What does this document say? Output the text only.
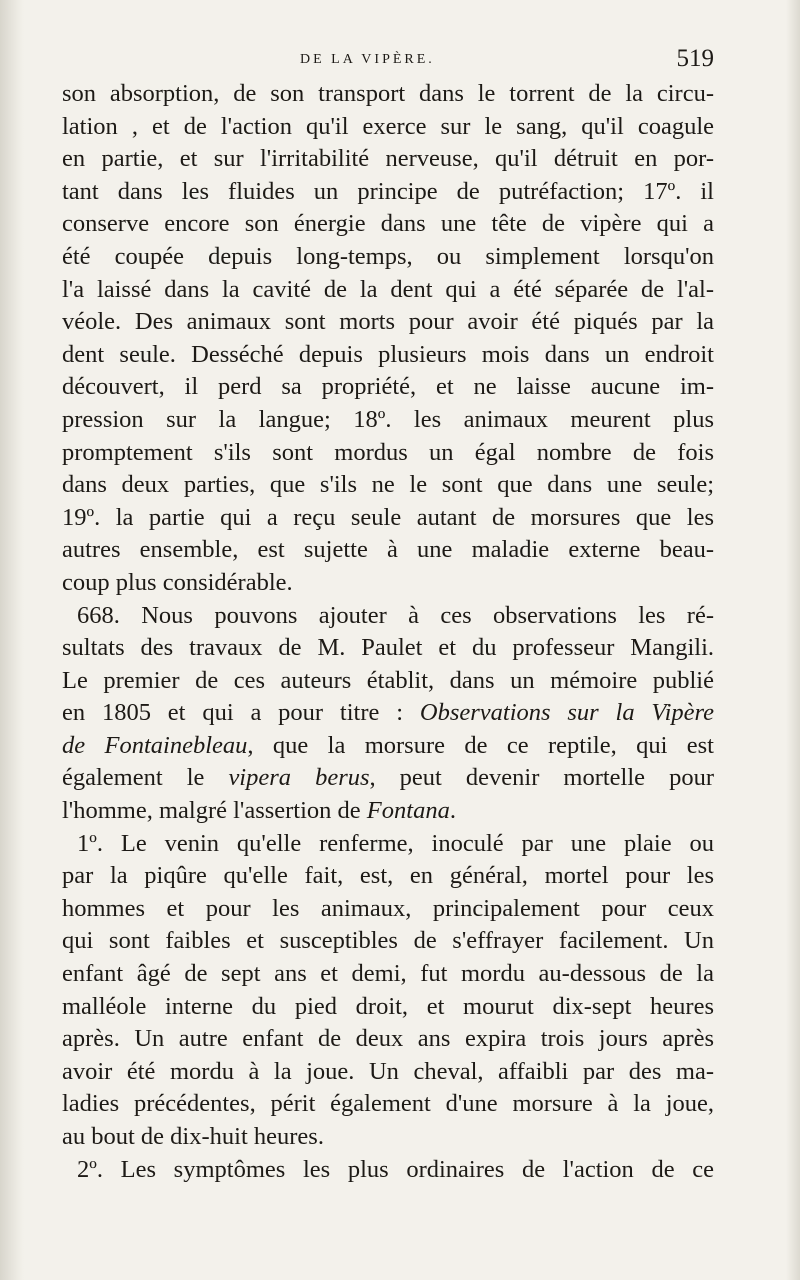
DE LA VIPÈRE.	519
son absorption, de son transport dans le torrent de la circu-
lation , et de l'action qu'il exerce sur le sang, qu'il coagule
en partie, et sur l'irritabilité nerveuse, qu'il détruit en por-
tant dans les fluides un principe de putréfaction; 17º. il
conserve encore son énergie dans une tête de vipère qui a
été coupée depuis long-temps, ou simplement lorsqu'on
l'a laissé dans la cavité de la dent qui a été séparée de l'al-
véole. Des animaux sont morts pour avoir été piqués par la
dent seule. Desséché depuis plusieurs mois dans un endroit
découvert, il perd sa propriété, et ne laisse aucune im-
pression sur la langue; 18º. les animaux meurent plus
promptement s'ils sont mordus un égal nombre de fois
dans deux parties, que s'ils ne le sont que dans une seule;
19º. la partie qui a reçu seule autant de morsures que les
autres ensemble, est sujette à une maladie externe beau-
coup plus considérable.
668. Nous pouvons ajouter à ces observations les ré-
sultats des travaux de M. Paulet et du professeur Mangili.
Le premier de ces auteurs établit, dans un mémoire publié
en 1805 et qui a pour titre : Observations sur la Vipère
de Fontainebleau, que la morsure de ce reptile, qui est
également le vipera berus, peut devenir mortelle pour
l'homme, malgré l'assertion de Fontana.
1º. Le venin qu'elle renferme, inoculé par une plaie ou
par la piqûre qu'elle fait, est, en général, mortel pour les
hommes et pour les animaux, principalement pour ceux
qui sont faibles et susceptibles de s'effrayer facilement. Un
enfant âgé de sept ans et demi, fut mordu au-dessous de la
malléole interne du pied droit, et mourut dix-sept heures
après. Un autre enfant de deux ans expira trois jours après
avoir été mordu à la joue. Un cheval, affaibli par des ma-
ladies précédentes, périt également d'une morsure à la joue,
au bout de dix-huit heures.
2º. Les symptômes les plus ordinaires de l'action de ce
